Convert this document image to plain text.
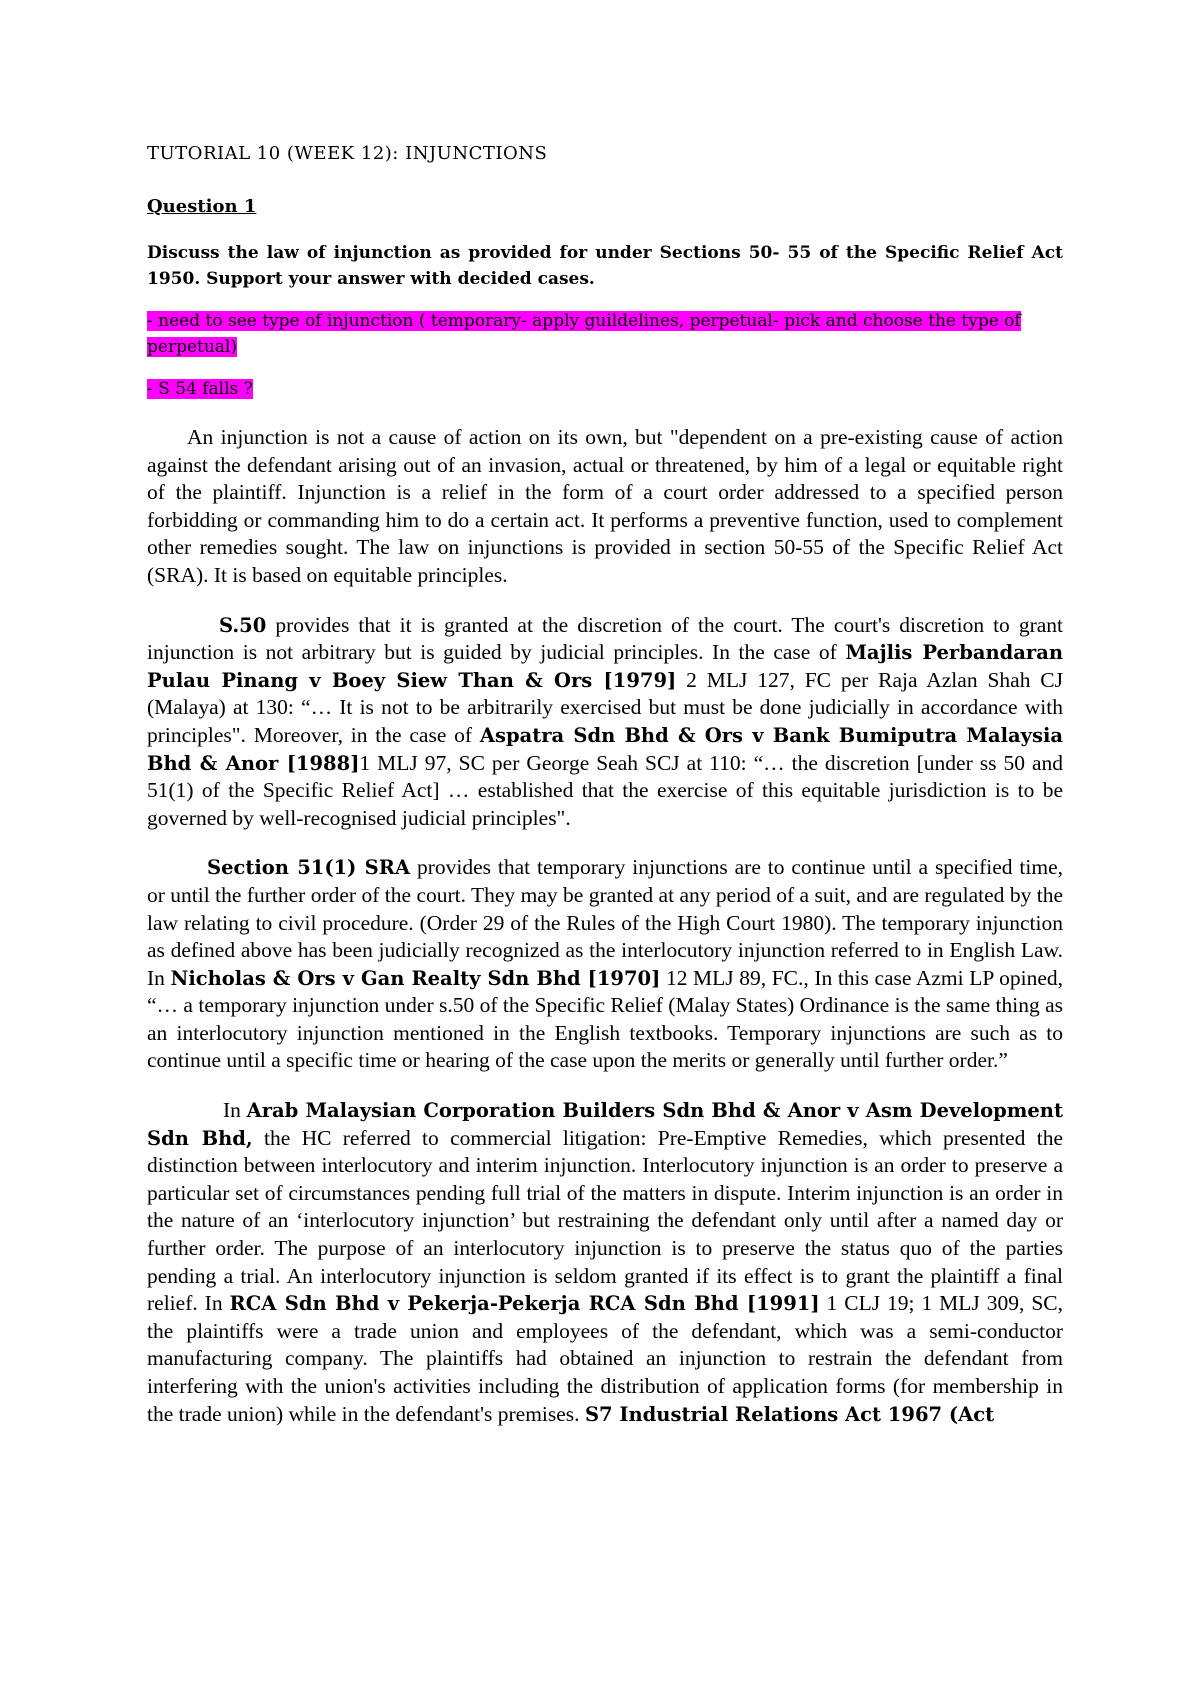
TUTORIAL 10 (WEEK 12): INJUNCTIONS
Question 1
Discuss the law of injunction as provided for under Sections 50- 55 of the Specific Relief Act 1950. Support your answer with decided cases.
- need to see type of injunction ( temporary- apply guildelines, perpetual- pick and choose the type of perpetual)
- S 54 falls ?

An injunction is not a cause of action on its own, but "dependent on a pre-existing cause of action against the defendant arising out of an invasion, actual or threatened, by him of a legal or equitable right of the plaintiff. Injunction is a relief in the form of a court order addressed to a specified person forbidding or commanding him to do a certain act. It performs a preventive function, used to complement other remedies sought. The law on injunctions is provided in section 50-55 of the Specific Relief Act (SRA). It is based on equitable principles.

S.50 provides that it is granted at the discretion of the court. The court's discretion to grant injunction is not arbitrary but is guided by judicial principles. In the case of Majlis Perbandaran Pulau Pinang v Boey Siew Than & Ors [1979] 2 MLJ 127, FC per Raja Azlan Shah CJ (Malaya) at 130: “… It is not to be arbitrarily exercised but must be done judicially in accordance with principles". Moreover, in the case of Aspatra Sdn Bhd & Ors v Bank Bumiputra Malaysia Bhd & Anor [1988]1 MLJ 97, SC per George Seah SCJ at 110: “… the discretion [under ss 50 and 51(1) of the Specific Relief Act] … established that the exercise of this equitable jurisdiction is to be governed by well-recognised judicial principles".

Section 51(1) SRA provides that temporary injunctions are to continue until a specified time, or until the further order of the court. They may be granted at any period of a suit, and are regulated by the law relating to civil procedure. (Order 29 of the Rules of the High Court 1980). The temporary injunction as defined above has been judicially recognized as the interlocutory injunction referred to in English Law. In Nicholas & Ors v Gan Realty Sdn Bhd [1970] 12 MLJ 89, FC., In this case Azmi LP opined, “… a temporary injunction under s.50 of the Specific Relief (Malay States) Ordinance is the same thing as an interlocutory injunction mentioned in the English textbooks. Temporary injunctions are such as to continue until a specific time or hearing of the case upon the merits or generally until further order.”

In Arab Malaysian Corporation Builders Sdn Bhd & Anor v Asm Development Sdn Bhd, the HC referred to commercial litigation: Pre-Emptive Remedies, which presented the distinction between interlocutory and interim injunction. Interlocutory injunction is an order to preserve a particular set of circumstances pending full trial of the matters in dispute. Interim injunction is an order in the nature of an ‘interlocutory injunction’ but restraining the defendant only until after a named day or further order. The purpose of an interlocutory injunction is to preserve the status quo of the parties pending a trial. An interlocutory injunction is seldom granted if its effect is to grant the plaintiff a final relief. In RCA Sdn Bhd v Pekerja-Pekerja RCA Sdn Bhd [1991] 1 CLJ 19; 1 MLJ 309, SC, the plaintiffs were a trade union and employees of the defendant, which was a semi-conductor manufacturing company. The plaintiffs had obtained an injunction to restrain the defendant from interfering with the union's activities including the distribution of application forms (for membership in the trade union) while in the defendant's premises. S7 Industrial Relations Act 1967 (Act
